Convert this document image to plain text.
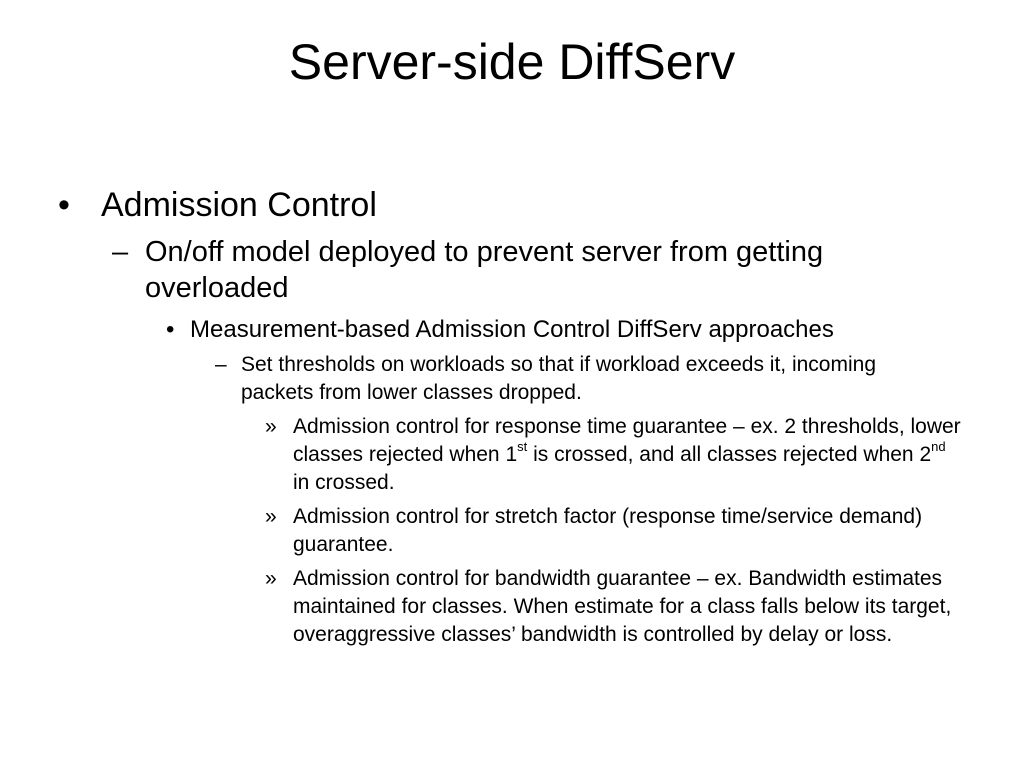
Server-side DiffServ
• Admission Control
– On/off model deployed to prevent server from getting overloaded
• Measurement-based Admission Control DiffServ approaches
– Set thresholds on workloads so that if workload exceeds it, incoming packets from lower classes dropped.
» Admission control for response time guarantee – ex. 2 thresholds, lower classes rejected when 1st is crossed, and all classes rejected when 2nd in crossed.
» Admission control for stretch factor (response time/service demand) guarantee.
» Admission control for bandwidth guarantee – ex. Bandwidth estimates maintained for classes. When estimate for a class falls below its target, overaggressive classes’ bandwidth is controlled by delay or loss.
